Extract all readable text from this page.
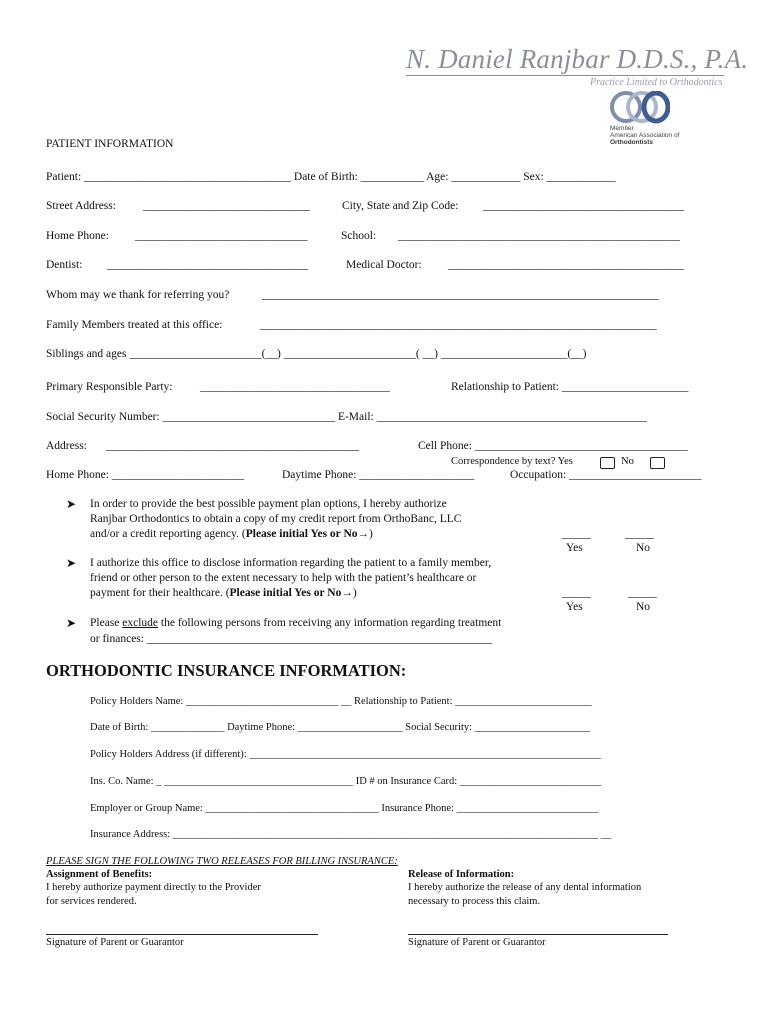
N. Daniel Ranjbar D.D.S., P.A.
Practice Limited to Orthodontics
Member
American Association of
Orthodontists
PATIENT INFORMATION
Patient: ____________________________________ Date of Birth: ___________ Age: ____________ Sex: ____________
Street Address: _____________________________	City, State and Zip Code: ___________________________________
Home Phone: ______________________________	School: _________________________________________________
Dentist: ___________________________________	Medical Doctor: _________________________________________
Whom may we thank for referring you?	_____________________________________________________________________
Family Members treated at this office:	_____________________________________________________________________
Siblings and ages _______________________(__) _______________________( __) ______________________(__)
Primary Responsible Party: _________________________________	Relationship to Patient: ______________________
Social Security Number: ______________________________ E-Mail: _______________________________________________
Address: ____________________________________________	Cell Phone: _____________________________________
Correspondence by text? Yes	No
Home Phone: _______________________	Daytime Phone: ____________________	Occupation: _______________________
➤ In order to provide the best possible payment plan options, I hereby authorize
Ranjbar Orthodontics to obtain a copy of my credit report from OrthoBanc, LLC
and/or a credit reporting agency. (Please initial Yes or No→)	_____	_____
Yes	No
➤ I authorize this office to disclose information regarding the patient to a family member,
friend or other person to the extent necessary to help with the patient’s healthcare or
payment for their healthcare. (Please initial Yes or No→)	_____	_____
Yes	No
➤ Please exclude the following persons from receiving any information regarding treatment
or finances: ____________________________________________________________
ORTHODONTIC INSURANCE INFORMATION:
Policy Holders Name: _____________________________ __ Relationship to Patient: __________________________
Date of Birth: ______________ Daytime Phone: ____________________ Social Security: ______________________
Policy Holders Address (if different): ___________________________________________________________________
Ins. Co. Name: _ ____________________________________ ID # on Insurance Card: ___________________________
Employer or Group Name: _________________________________ Insurance Phone: ___________________________
Insurance Address: _________________________________________________________________________________ __
PLEASE SIGN THE FOLLOWING TWO RELEASES FOR BILLING INSURANCE:
Assignment of Benefits:
I hereby authorize payment directly to the Provider
for services rendered.
Release of Information:
I hereby authorize the release of any dental information
necessary to process this claim.
Signature of Parent or Guarantor	Signature of Parent or Guarantor
